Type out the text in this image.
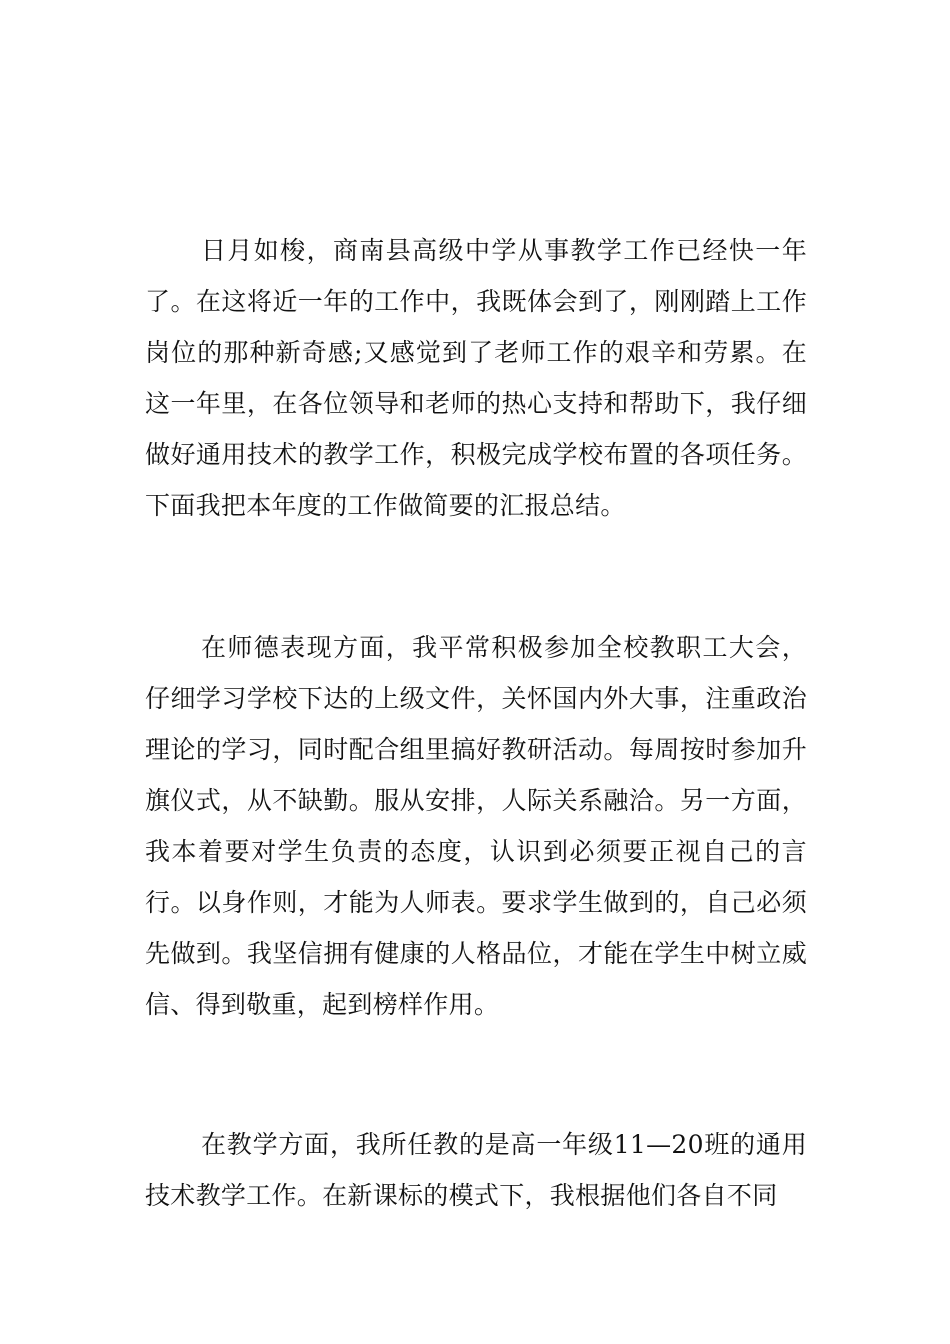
日月如梭，商南县高级中学从事教学工作已经快一年了。在这将近一年的工作中，我既体会到了，刚刚踏上工作岗位的那种新奇感;又感觉到了老师工作的艰辛和劳累。在这一年里，在各位领导和老师的热心支持和帮助下，我仔细做好通用技术的教学工作，积极完成学校布置的各项任务。下面我把本年度的工作做简要的汇报总结。

在师德表现方面，我平常积极参加全校教职工大会，仔细学习学校下达的上级文件，关怀国内外大事，注重政治理论的学习，同时配合组里搞好教研活动。每周按时参加升旗仪式，从不缺勤。服从安排，人际关系融洽。另一方面，我本着要对学生负责的态度，认识到必须要正视自己的言行。以身作则，才能为人师表。要求学生做到的，自己必须先做到。我坚信拥有健康的人格品位，才能在学生中树立威信、得到敬重，起到榜样作用。

在教学方面，我所任教的是高一年级11—20班的通用技术教学工作。在新课标的模式下，我根据他们各自不同
